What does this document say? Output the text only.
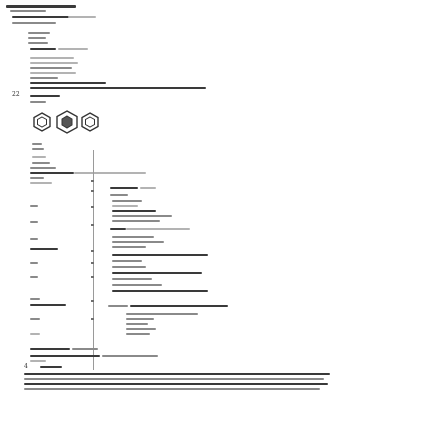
22
4
